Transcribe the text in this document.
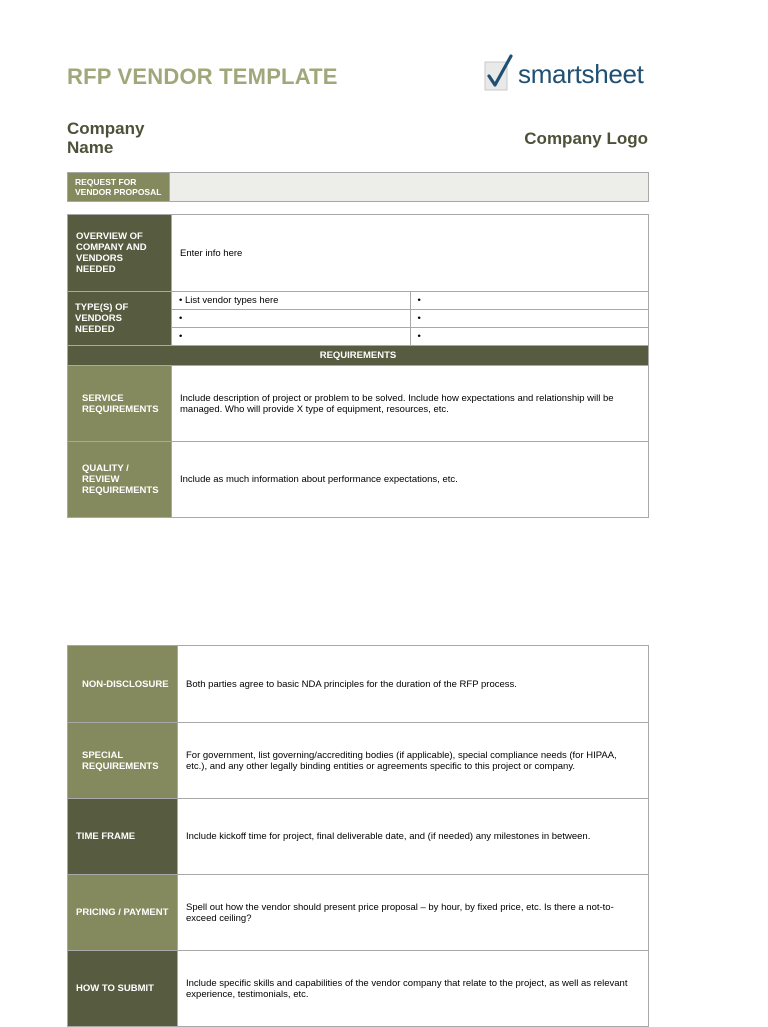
RFP VENDOR TEMPLATE	smartsheet
Company Name	Company Logo
REQUEST FOR VENDOR PROPOSAL	
OVERVIEW OF COMPANY AND VENDORS NEEDED	Enter info here	
TYPE(S) OF VENDORS NEEDED	• List vendor types here	•
	•	•
	•	•
REQUIREMENTS		
SERVICE REQUIREMENTS	Include description of project or problem to be solved. Include how expectations and relationship will be managed. Who will provide X type of equipment, resources, etc.	
QUALITY / REVIEW REQUIREMENTS	Include as much information about performance expectations, etc.	
NON-DISCLOSURE	Both parties agree to basic NDA principles for the duration of the RFP process.
SPECIAL REQUIREMENTS	For government, list governing/accrediting bodies (if applicable), special compliance needs (for HIPAA, etc.), and any other legally binding entities or agreements specific to this project or company.
TIME FRAME	Include kickoff time for project, final deliverable date, and (if needed) any milestones in between.
PRICING / PAYMENT	Spell out how the vendor should present price proposal – by hour, by fixed price, etc. Is there a not-to-exceed ceiling?
HOW TO SUBMIT	Include specific skills and capabilities of the vendor company that relate to the project, as well as relevant experience, testimonials, etc.
